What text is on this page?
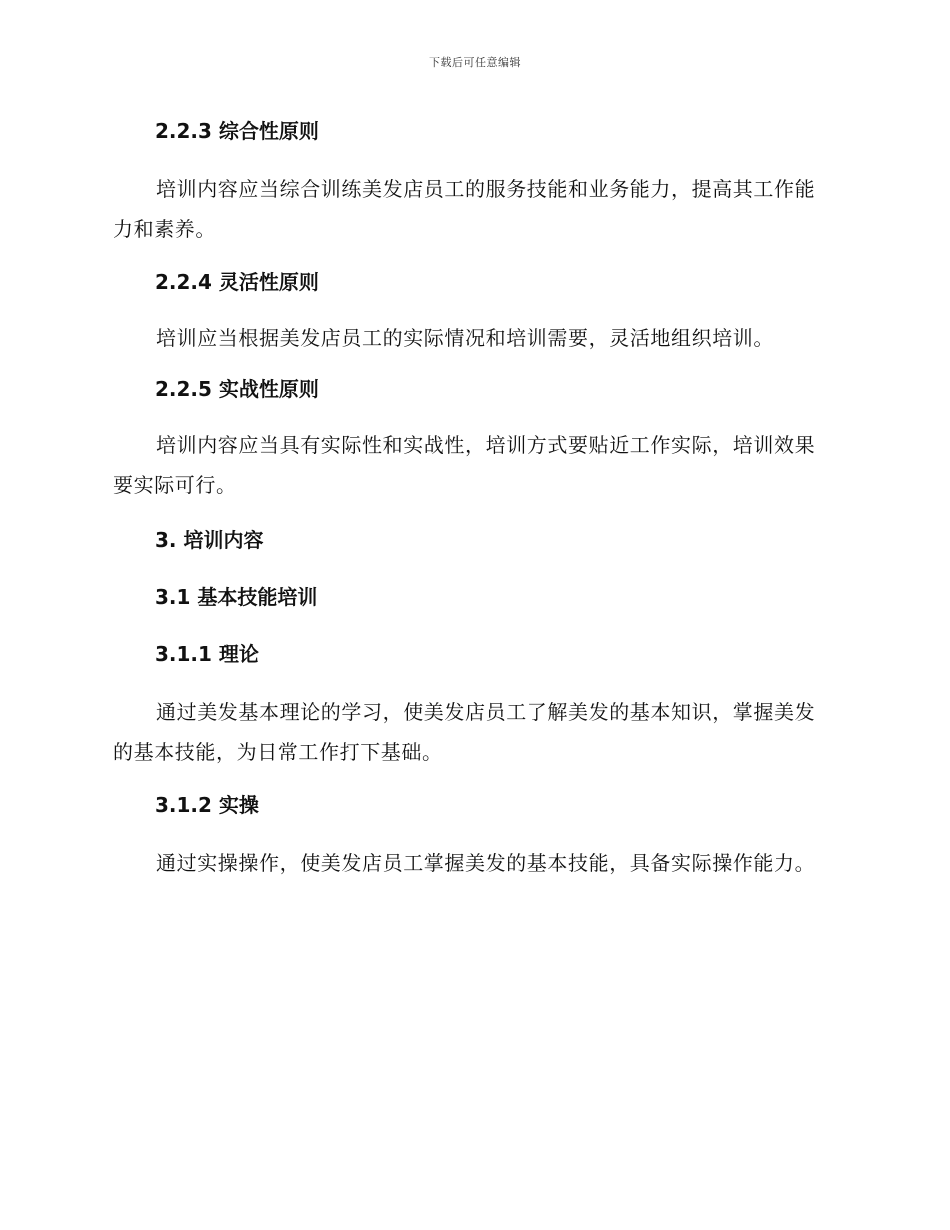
下载后可任意编辑
2.2.3 综合性原则

培训内容应当综合训练美发店员工的服务技能和业务能力，提高其工作能力和素养。

2.2.4 灵活性原则

培训应当根据美发店员工的实际情况和培训需要，灵活地组织培训。

2.2.5 实战性原则

培训内容应当具有实际性和实战性，培训方式要贴近工作实际，培训效果要实际可行。

3. 培训内容
3.1 基本技能培训
3.1.1 理论

通过美发基本理论的学习，使美发店员工了解美发的基本知识，掌握美发的基本技能，为日常工作打下基础。

3.1.2 实操

通过实操操作，使美发店员工掌握美发的基本技能，具备实际操作能力。
